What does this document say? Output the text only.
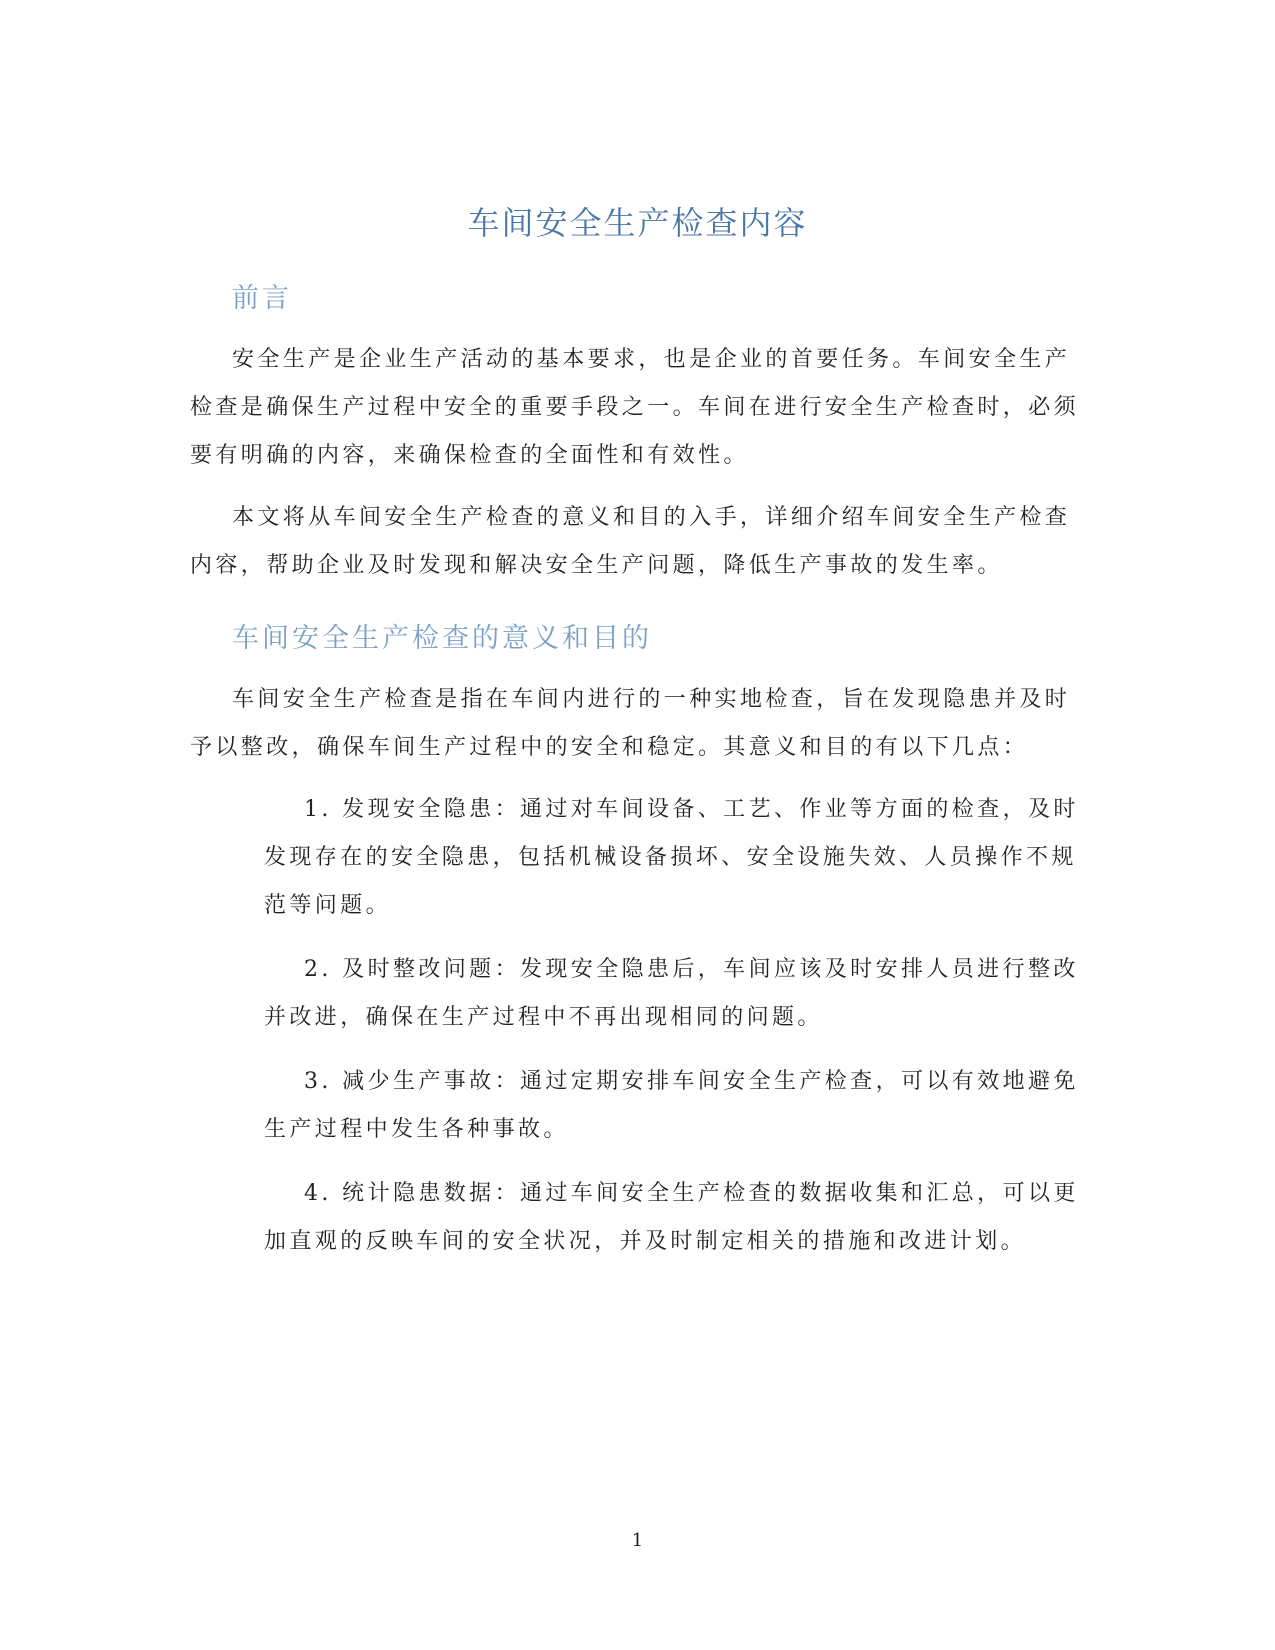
车间安全生产检查内容
前言
安全生产是企业生产活动的基本要求，也是企业的首要任务。车间安全生产检查是确保生产过程中安全的重要手段之一。车间在进行安全生产检查时，必须要有明确的内容，来确保检查的全面性和有效性。
本文将从车间安全生产检查的意义和目的入手，详细介绍车间安全生产检查内容，帮助企业及时发现和解决安全生产问题，降低生产事故的发生率。
车间安全生产检查的意义和目的
车间安全生产检查是指在车间内进行的一种实地检查，旨在发现隐患并及时予以整改，确保车间生产过程中的安全和稳定。其意义和目的有以下几点：
1. 发现安全隐患：通过对车间设备、工艺、作业等方面的检查，及时发现存在的安全隐患，包括机械设备损坏、安全设施失效、人员操作不规范等问题。
2. 及时整改问题：发现安全隐患后，车间应该及时安排人员进行整改并改进，确保在生产过程中不再出现相同的问题。
3. 减少生产事故：通过定期安排车间安全生产检查，可以有效地避免生产过程中发生各种事故。
4. 统计隐患数据：通过车间安全生产检查的数据收集和汇总，可以更加直观的反映车间的安全状况，并及时制定相关的措施和改进计划。
1
